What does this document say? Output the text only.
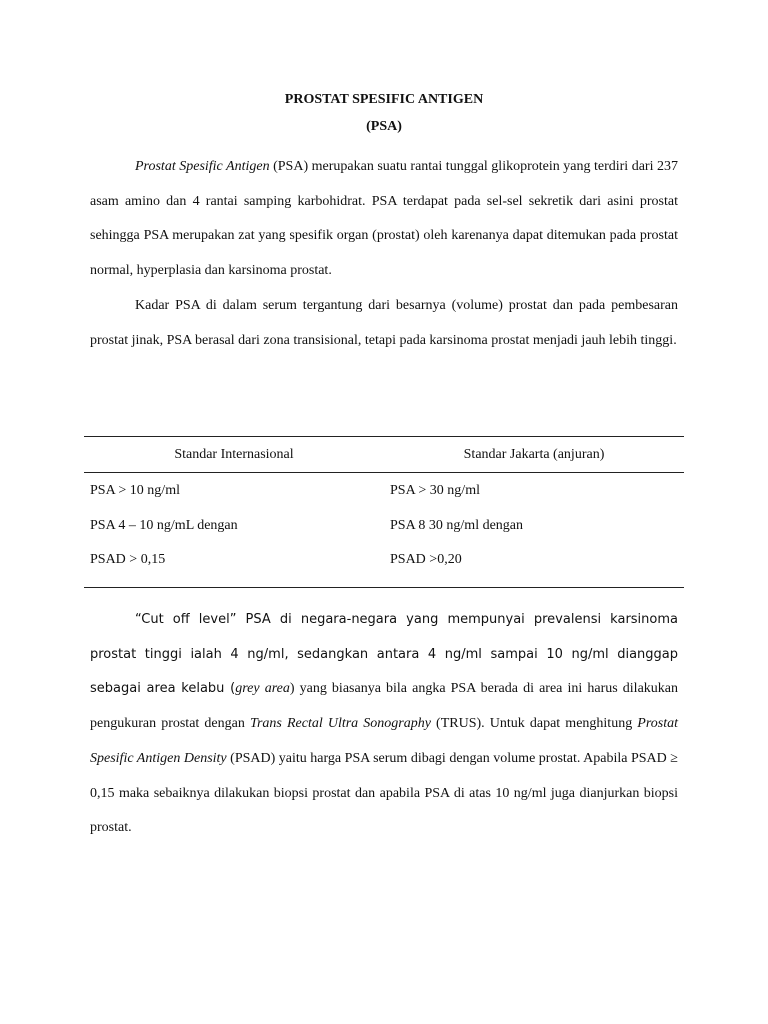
PROSTAT SPESIFIC ANTIGEN
(PSA)

Prostat Spesific Antigen (PSA) merupakan suatu rantai tunggal glikoprotein yang terdiri dari 237 asam amino dan 4 rantai samping karbohidrat. PSA terdapat pada sel-sel sekretik dari asini prostat sehingga PSA merupakan zat yang spesifik organ (prostat) oleh karenanya dapat ditemukan pada prostat normal, hyperplasia dan karsinoma prostat.

Kadar PSA di dalam serum tergantung dari besarnya (volume) prostat dan pada pembesaran prostat jinak, PSA berasal dari zona transisional, tetapi pada karsinoma prostat menjadi jauh lebih tinggi.

Standar Internasional	Standar Jakarta (anjuran)
PSA > 10 ng/ml	PSA > 30 ng/ml
PSA 4 – 10 ng/mL dengan	PSA 8 30 ng/ml dengan
PSAD > 0,15	PSAD >0,20

“Cut off level” PSA di negara-negara yang mempunyai prevalensi karsinoma prostat tinggi ialah 4 ng/ml, sedangkan antara 4 ng/ml sampai 10 ng/ml dianggap sebagai area kelabu (grey area) yang biasanya bila angka PSA berada di area ini harus dilakukan pengukuran prostat dengan Trans Rectal Ultra Sonography (TRUS). Untuk dapat menghitung Prostat Spesific Antigen Density (PSAD) yaitu harga PSA serum dibagi dengan volume prostat. Apabila PSAD ≥ 0,15 maka sebaiknya dilakukan biopsi prostat dan apabila PSA di atas 10 ng/ml juga dianjurkan biopsi prostat.
